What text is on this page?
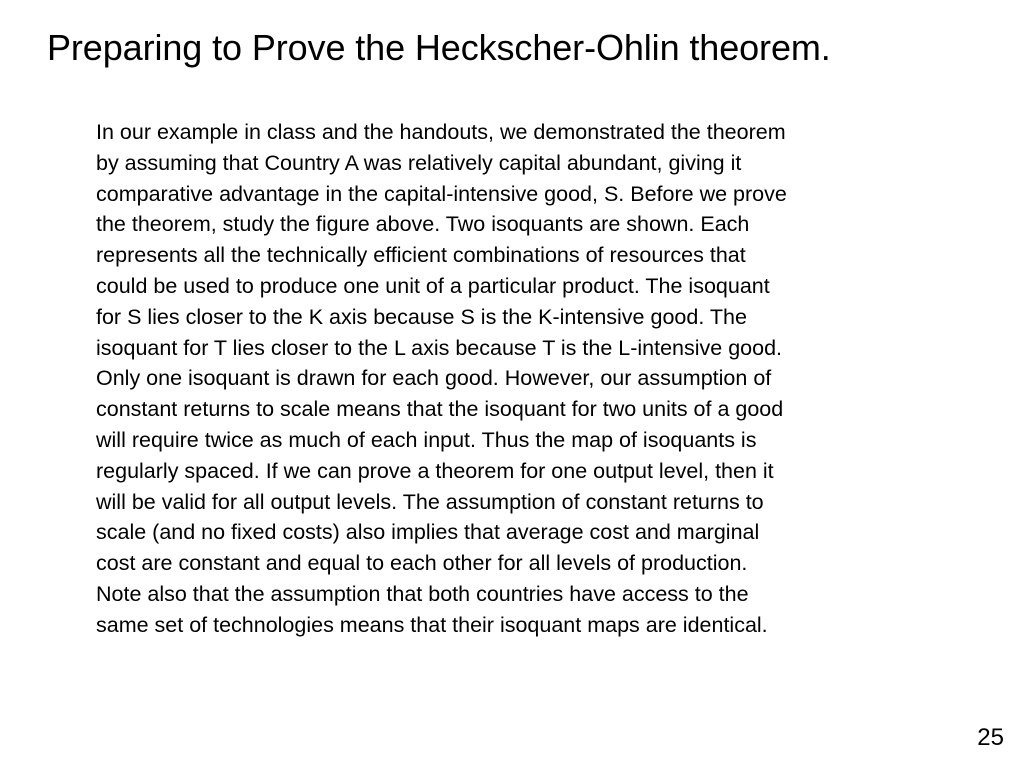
Preparing to Prove the Heckscher-Ohlin theorem.
In our example in class and the handouts, we demonstrated the theorem
by assuming that Country A was relatively capital abundant, giving it
comparative advantage in the capital-intensive good, S. Before we prove
the theorem, study the figure above. Two isoquants are shown. Each
represents all the technically efficient combinations of resources that
could be used to produce one unit of a particular product. The isoquant
for S lies closer to the K axis because S is the K-intensive good. The
isoquant for T lies closer to the L axis because T is the L-intensive good.
Only one isoquant is drawn for each good. However, our assumption of
constant returns to scale means that the isoquant for two units of a good
will require twice as much of each input. Thus the map of isoquants is
regularly spaced. If we can prove a theorem for one output level, then it
will be valid for all output levels. The assumption of constant returns to
scale (and no fixed costs) also implies that average cost and marginal
cost are constant and equal to each other for all levels of production.
Note also that the assumption that both countries have access to the
same set of technologies means that their isoquant maps are identical.
25
